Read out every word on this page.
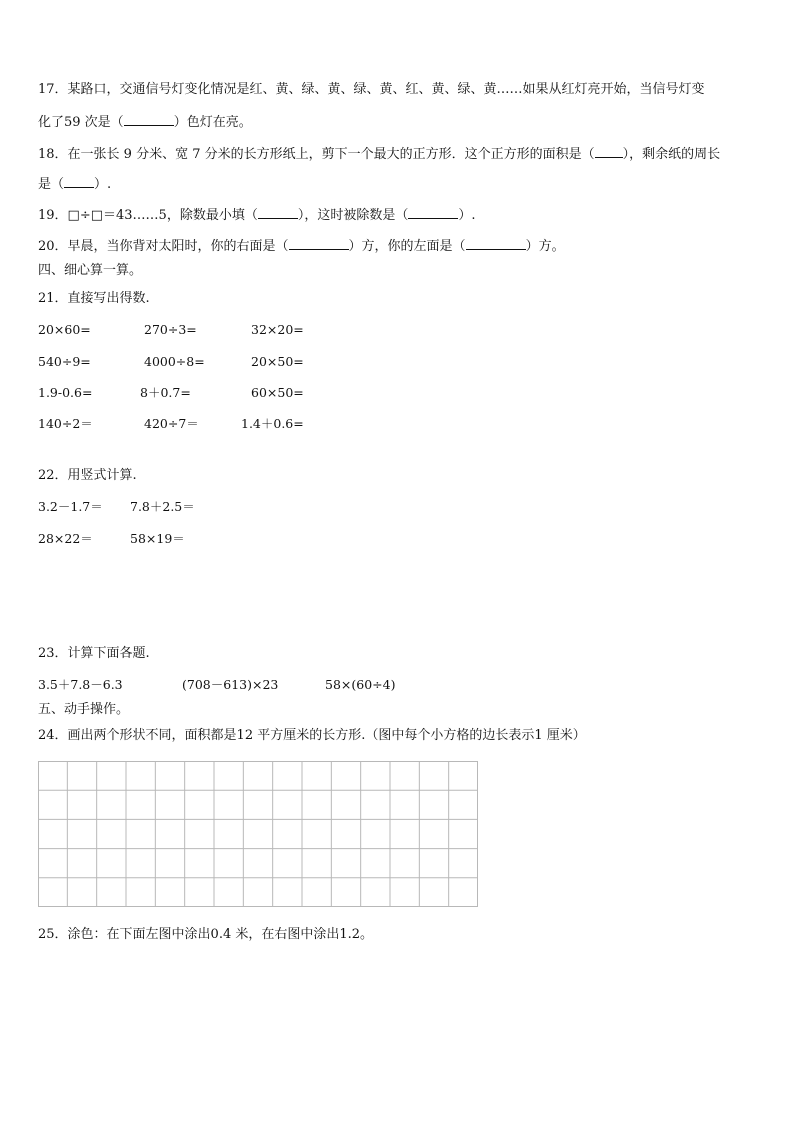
17．某路口，交通信号灯变化情况是红、黄、绿、黄、绿、黄、红、黄、绿、黄……如果从红灯亮开始，当信号灯变
化了59 次是（	）色灯在亮。
18．在一张长 9 分米、宽 7 分米的长方形纸上，剪下一个最大的正方形．这个正方形的面积是（ ），剩余纸的周长
是（ ）.
19．□÷□＝43……5，除数最小填（	），这时被除数是（	）.
20．早晨，当你背对太阳时，你的右面是（	）方，你的左面是（	）方。
四、细心算一算。
21．直接写出得数.
20×60=	270÷3=	32×20=
540÷9=	4000÷8=	20×50=
1.9-0.6=	8＋0.7=	60×50=
140÷2＝	420÷7＝	1.4＋0.6=
22．用竖式计算.
3.2－1.7＝ 7.8＋2.5＝
28×22＝	58×19＝
23．计算下面各题.
3.5＋7.8－6.3	(708－613)×23	58×(60÷4)
五、动手操作。
24．画出两个形状不同，面积都是12 平方厘米的长方形.（图中每个小方格的边长表示1 厘米）
25．涂色：在下面左图中涂出0.4 米，在右图中涂出1.2。
